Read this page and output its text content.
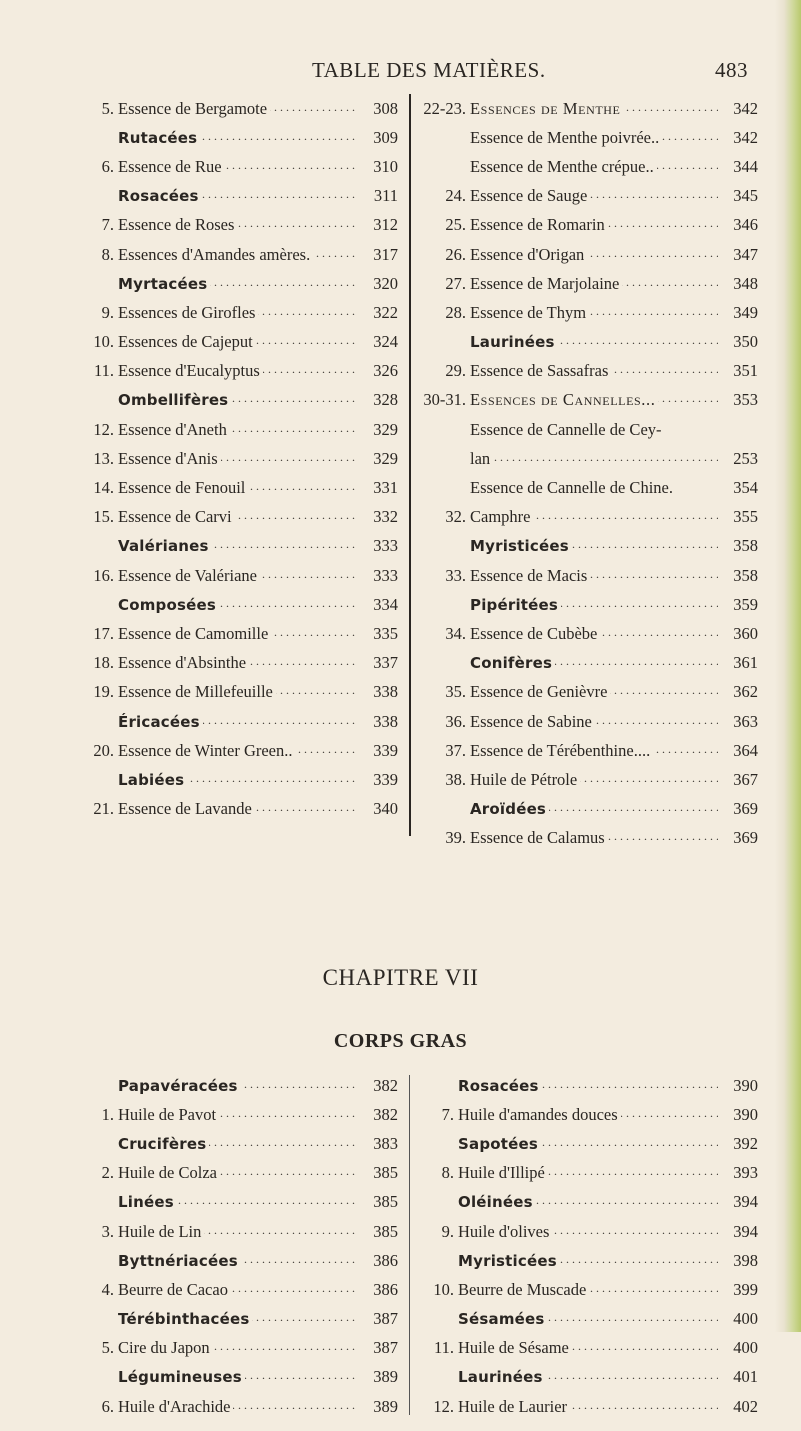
TABLE DES MATIÈRES.	483
5. Essence de Bergamote . . .	308
Rutacées . . .	309
6. Essence de Rue . . .	310
Rosacées . . .	311
7. Essence de Roses . . .	312
8. Essences d'Amandes amères. . . .	317
Myrtacées . . .	320
9. Essences de Girofles . . .	322
10. Essences de Cajeput . . .	324
11. Essence d'Eucalyptus . . .	326
Ombellifères . . .	328
12. Essence d'Aneth . . .	329
13. Essence d'Anis . . .	329
14. Essence de Fenouil . . .	331
15. Essence de Carvi . . .	332
Valérianes . . .	333
16. Essence de Valériane . . .	333
Composées . . .	334
17. Essence de Camomille . . .	335
18. Essence d'Absinthe . . .	337
19. Essence de Millefeuille . . .	338
Éricacées . . .	338
20. Essence de Winter Green.. . . .	339
Labiées . . .	339
21. Essence de Lavande . . .	340
22-23. Essences de Menthe . . .	342
Essence de Menthe poivrée.. . . .	342
Essence de Menthe crépue.. . . .	344
24. Essence de Sauge . . .	345
25. Essence de Romarin . . .	346
26. Essence d'Origan . . .	347
27. Essence de Marjolaine . . .	348
28. Essence de Thym . . .	349
Laurinées . . .	350
29. Essence de Sassafras . . .	351
30-31. Essences de Cannelles... . . .	353
Essence de Cannelle de Cey-
lan . . .	253
Essence de Cannelle de Chine.	354
32. Camphre . . .	355
Myristicées . . .	358
33. Essence de Macis . . .	358
Pipéritées . . .	359
34. Essence de Cubèbe . . .	360
Conifères . . .	361
35. Essence de Genièvre . . .	362
36. Essence de Sabine . . .	363
37. Essence de Térébenthine.... . . .	364
38. Huile de Pétrole . . .	367
Aroïdées . . .	369
39. Essence de Calamus . . .	369
CHAPITRE VII
CORPS GRAS
Papavéracées . . .	382
1. Huile de Pavot . . .	382
Crucifères . . .	383
2. Huile de Colza . . .	385
Linées . . .	385
3. Huile de Lin . . .	385
Byttnériacées . . .	386
4. Beurre de Cacao . . .	386
Térébinthacées . . .	387
5. Cire du Japon . . .	387
Légumineuses . . .	389
6. Huile d'Arachide . . .	389
Rosacées . . .	390
7. Huile d'amandes douces . . .	390
Sapotées . . .	392
8. Huile d'Illipé . . .	393
Oléinées . . .	394
9. Huile d'olives . . .	394
Myristicées . . .	398
10. Beurre de Muscade . . .	399
Sésamées . . .	400
11. Huile de Sésame . . .	400
Laurinées . . .	401
12. Huile de Laurier . . .	402
